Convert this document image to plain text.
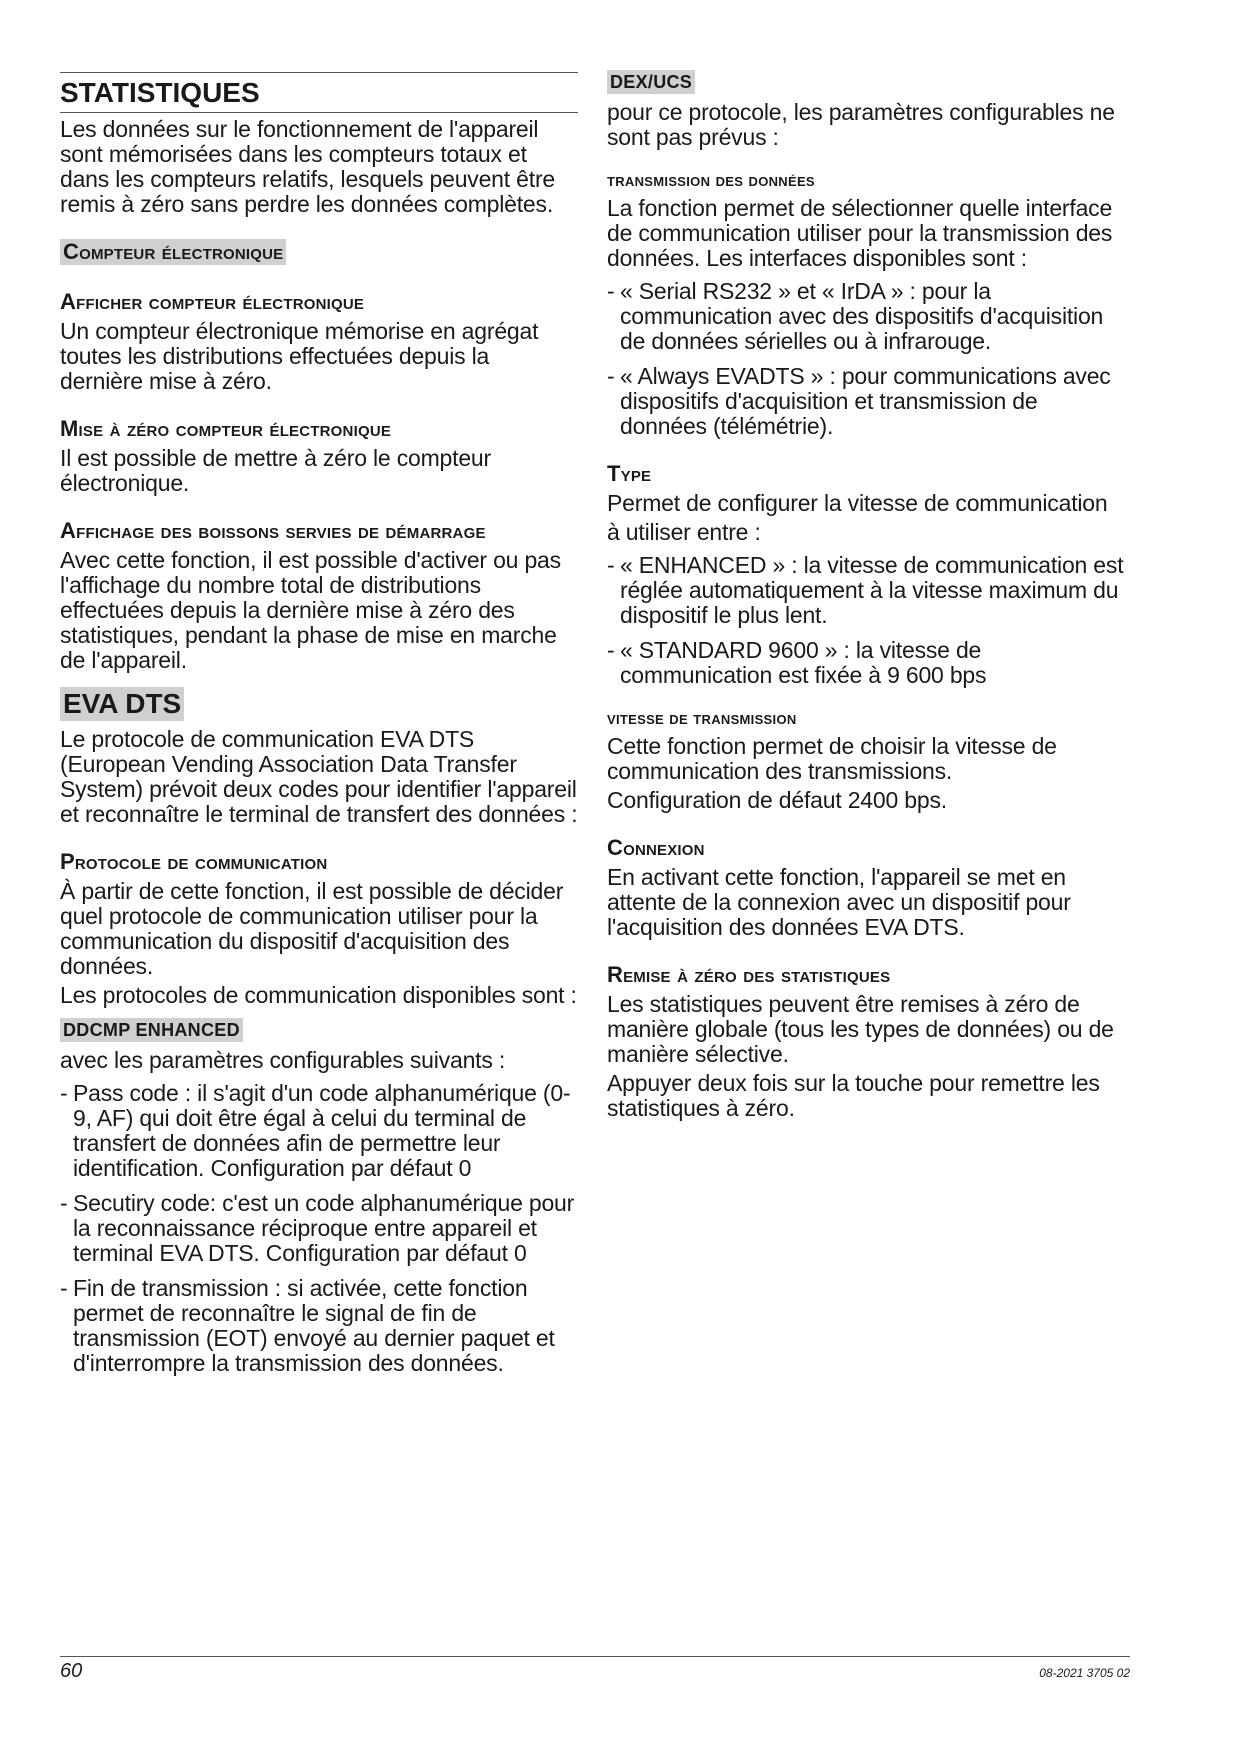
STATISTIQUES

Les données sur le fonctionnement de l'appareil sont mémorisées dans les compteurs totaux et dans les compteurs relatifs, lesquels peuvent être remis à zéro sans perdre les données complètes.

Compteur électronique
Afficher compteur électronique

Un compteur électronique mémorise en agrégat toutes les distributions effectuées depuis la dernière mise à zéro.

Mise à zéro compteur électronique

Il est possible de mettre à zéro le compteur électronique.

Affichage des boissons servies de démarrage

Avec cette fonction, il est possible d'activer ou pas l'affichage du nombre total de distributions effectuées depuis la dernière mise à zéro des statistiques, pendant la phase de mise en marche de l'appareil.

EVA DTS

Le protocole de communication EVA DTS (European Vending Association Data Transfer System) prévoit deux codes pour identifier l'appareil et reconnaître le terminal de transfert des données :

Protocole de communication

À partir de cette fonction, il est possible de décider quel protocole de communication utiliser pour la communication du dispositif d'acquisition des données.

Les protocoles de communication disponibles sont :

DDCMP ENHANCED

avec les paramètres configurables suivants :

- Pass code : il s'agit d'un code alphanumérique (0-9, AF) qui doit être égal à celui du terminal de transfert de données afin de permettre leur identification. Configuration par défaut 0
- Secutiry code: c'est un code alphanumérique pour la reconnaissance réciproque entre appareil et terminal EVA DTS. Configuration par défaut 0
- Fin de transmission : si activée, cette fonction permet de reconnaître le signal de fin de transmission (EOT) envoyé au dernier paquet et d'interrompre la transmission des données.
DEX/UCS

pour ce protocole, les paramètres configurables ne sont pas prévus :

transmission des données

La fonction permet de sélectionner quelle interface de communication utiliser pour la transmission des données. Les interfaces disponibles sont :

- « Serial RS232 » et « IrDA » : pour la communication avec des dispositifs d'acquisition de données sérielles ou à infrarouge.
- « Always EVADTS » : pour communications avec dispositifs d'acquisition et transmission de données (télémétrie).
Type

Permet de configurer la vitesse de communication

à utiliser entre :

- « ENHANCED » : la vitesse de communication est réglée automatiquement à la vitesse maximum du dispositif le plus lent.
- « STANDARD 9600 » : la vitesse de communication est fixée à 9 600 bps
vitesse de transmission

Cette fonction permet de choisir la vitesse de communication des transmissions.

Configuration de défaut 2400 bps.

Connexion

En activant cette fonction, l'appareil se met en attente de la connexion avec un dispositif pour l'acquisition des données EVA DTS.

Remise à zéro des statistiques

Les statistiques peuvent être remises à zéro de manière globale (tous les types de données) ou de manière sélective.

Appuyer deux fois sur la touche pour remettre les statistiques à zéro.

60	08-2021 3705 02
